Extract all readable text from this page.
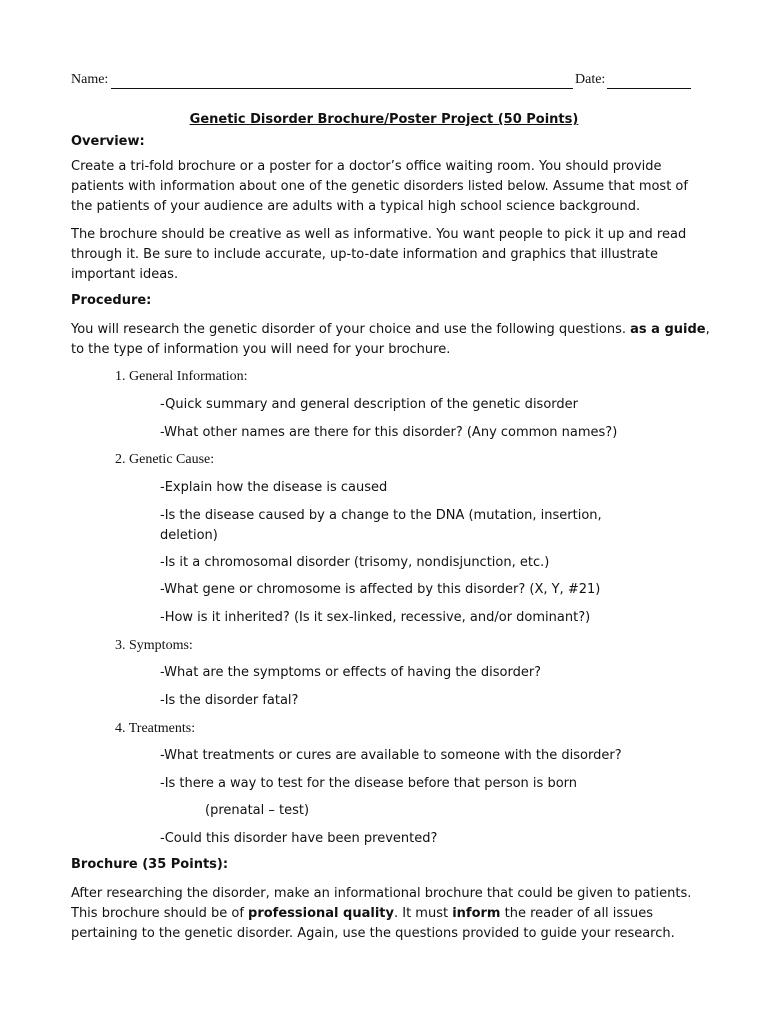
Name:	Date:
Genetic Disorder Brochure/Poster Project (50 Points)
Overview:
Create a tri-fold brochure or a poster for a doctor’s office waiting room. You should provide patients with information about one of the genetic disorders listed below. Assume that most of the patients of your audience are adults with a typical high school science background.
The brochure should be creative as well as informative. You want people to pick it up and read through it. Be sure to include accurate, up-to-date information and graphics that illustrate important ideas.
Procedure:
You will research the genetic disorder of your choice and use the following questions. as a guide, to the type of information you will need for your brochure.
1. General Information:
-Quick summary and general description of the genetic disorder
-What other names are there for this disorder? (Any common names?)
2. Genetic Cause:
-Explain how the disease is caused
-Is the disease caused by a change to the DNA (mutation, insertion, deletion)
-Is it a chromosomal disorder (trisomy, nondisjunction, etc.)
-What gene or chromosome is affected by this disorder? (X, Y, #21)
-How is it inherited? (Is it sex-linked, recessive, and/or dominant?)
3. Symptoms:
-What are the symptoms or effects of having the disorder?
-Is the disorder fatal?
4. Treatments:
-What treatments or cures are available to someone with the disorder?
-Is there a way to test for the disease before that person is born
(prenatal – test)
-Could this disorder have been prevented?
Brochure (35 Points):
After researching the disorder, make an informational brochure that could be given to patients. This brochure should be of professional quality. It must inform the reader of all issues pertaining to the genetic disorder. Again, use the questions provided to guide your research.
